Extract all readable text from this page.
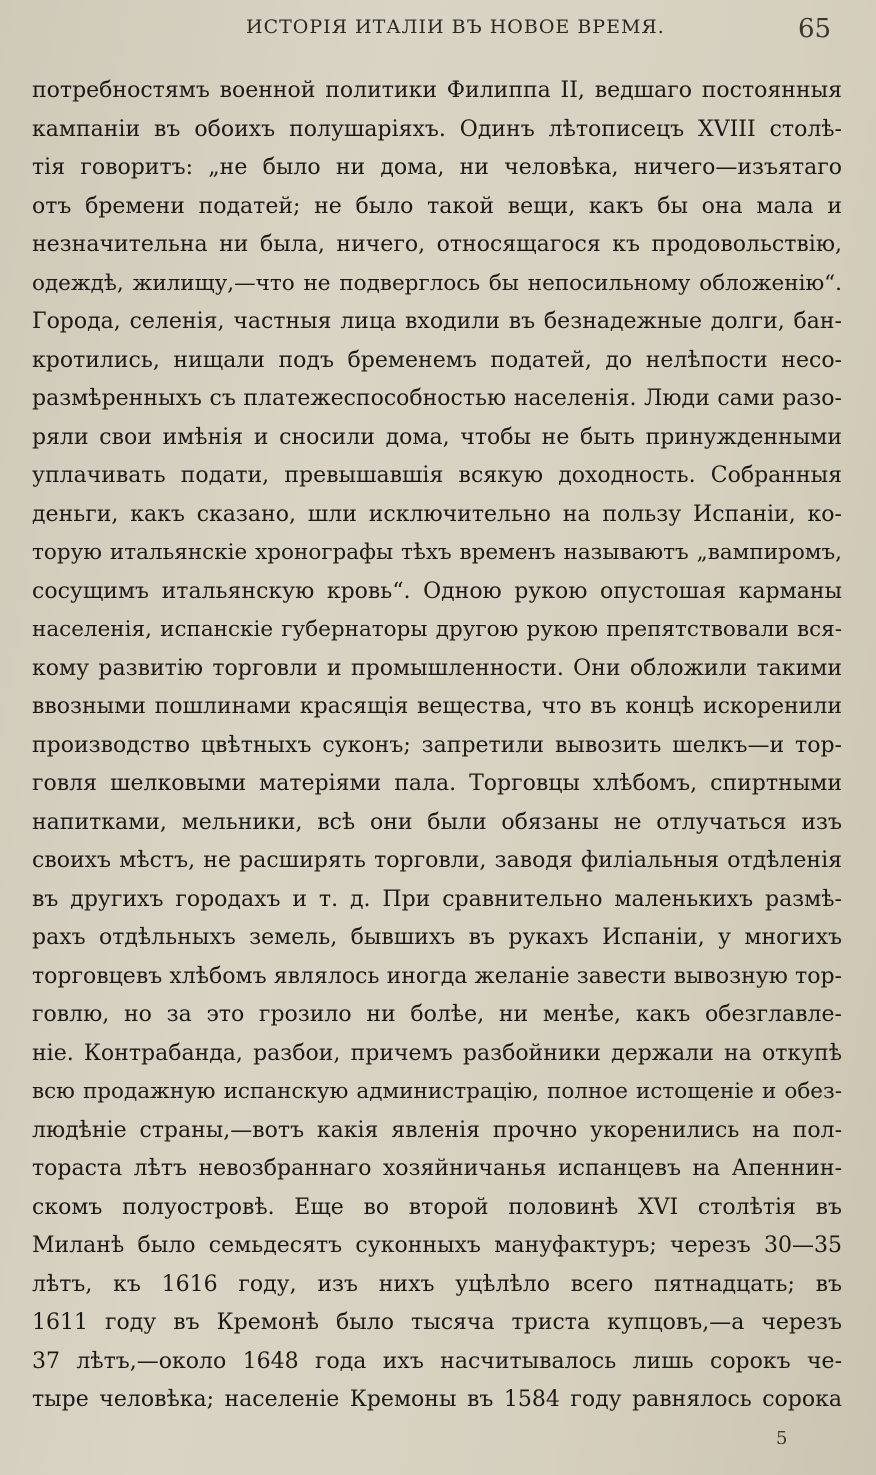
ИСТОРІЯ ИТАЛІИ ВЪ НОВОЕ ВРЕМЯ.	65
потребностямъ военной политики Филиппа II, ведшаго постоянныя
кампаніи въ обоихъ полушаріяхъ. Одинъ лѣтописецъ XVIII столѣ-
тія говоритъ: „не было ни дома, ни человѣка, ничего—изъятаго
отъ бремени податей; не было такой вещи, какъ бы она мала и
незначительна ни была, ничего, относящагося къ продовольствію,
одеждѣ, жилищу,—что не подверглось бы непосильному обложенію“.
Города, селенія, частныя лица входили въ безнадежные долги, бан-
кротились, нищали подъ бременемъ податей, до нелѣпости несо-
размѣренныхъ съ платежеспособностью населенія. Люди сами разо-
ряли свои имѣнія и сносили дома, чтобы не быть принужденными
уплачивать подати, превышавшія всякую доходность. Собранныя
деньги, какъ сказано, шли исключительно на пользу Испаніи, ко-
торую итальянскіе хронографы тѣхъ временъ называютъ „вампиромъ,
сосущимъ итальянскую кровь“. Одною рукою опустошая карманы
населенія, испанскіе губернаторы другою рукою препятствовали вся-
кому развитію торговли и промышленности. Они обложили такими
ввозными пошлинами красящія вещества, что въ концѣ искоренили
производство цвѣтныхъ суконъ; запретили вывозить шелкъ—и тор-
говля шелковыми матеріями пала. Торговцы хлѣбомъ, спиртными
напитками, мельники, всѣ они были обязаны не отлучаться изъ
своихъ мѣстъ, не расширять торговли, заводя филіальныя отдѣленія
въ другихъ городахъ и т. д. При сравнительно маленькихъ размѣ-
рахъ отдѣльныхъ земель, бывшихъ въ рукахъ Испаніи, у многихъ
торговцевъ хлѣбомъ являлось иногда желаніе завести вывозную тор-
говлю, но за это грозило ни болѣе, ни менѣе, какъ обезглавле-
ніе. Контрабанда, разбои, причемъ разбойники держали на откупѣ
всю продажную испанскую администрацію, полное истощеніе и обез-
людѣніе страны,—вотъ какія явленія прочно укоренились на пол-
тораста лѣтъ невозбраннаго хозяйничанья испанцевъ на Апеннин-
скомъ полуостровѣ. Еще во второй половинѣ XVI столѣтія въ
Миланѣ было семьдесятъ суконныхъ мануфактуръ; черезъ 30—35
лѣтъ, къ 1616 году, изъ нихъ уцѣлѣло всего пятнадцать; въ
1611 году въ Кремонѣ было тысяча триста купцовъ,—а черезъ
37 лѣтъ,—около 1648 года ихъ насчитывалось лишь сорокъ че-
тыре человѣка; населеніе Кремоны въ 1584 году равнялось сорока
5
